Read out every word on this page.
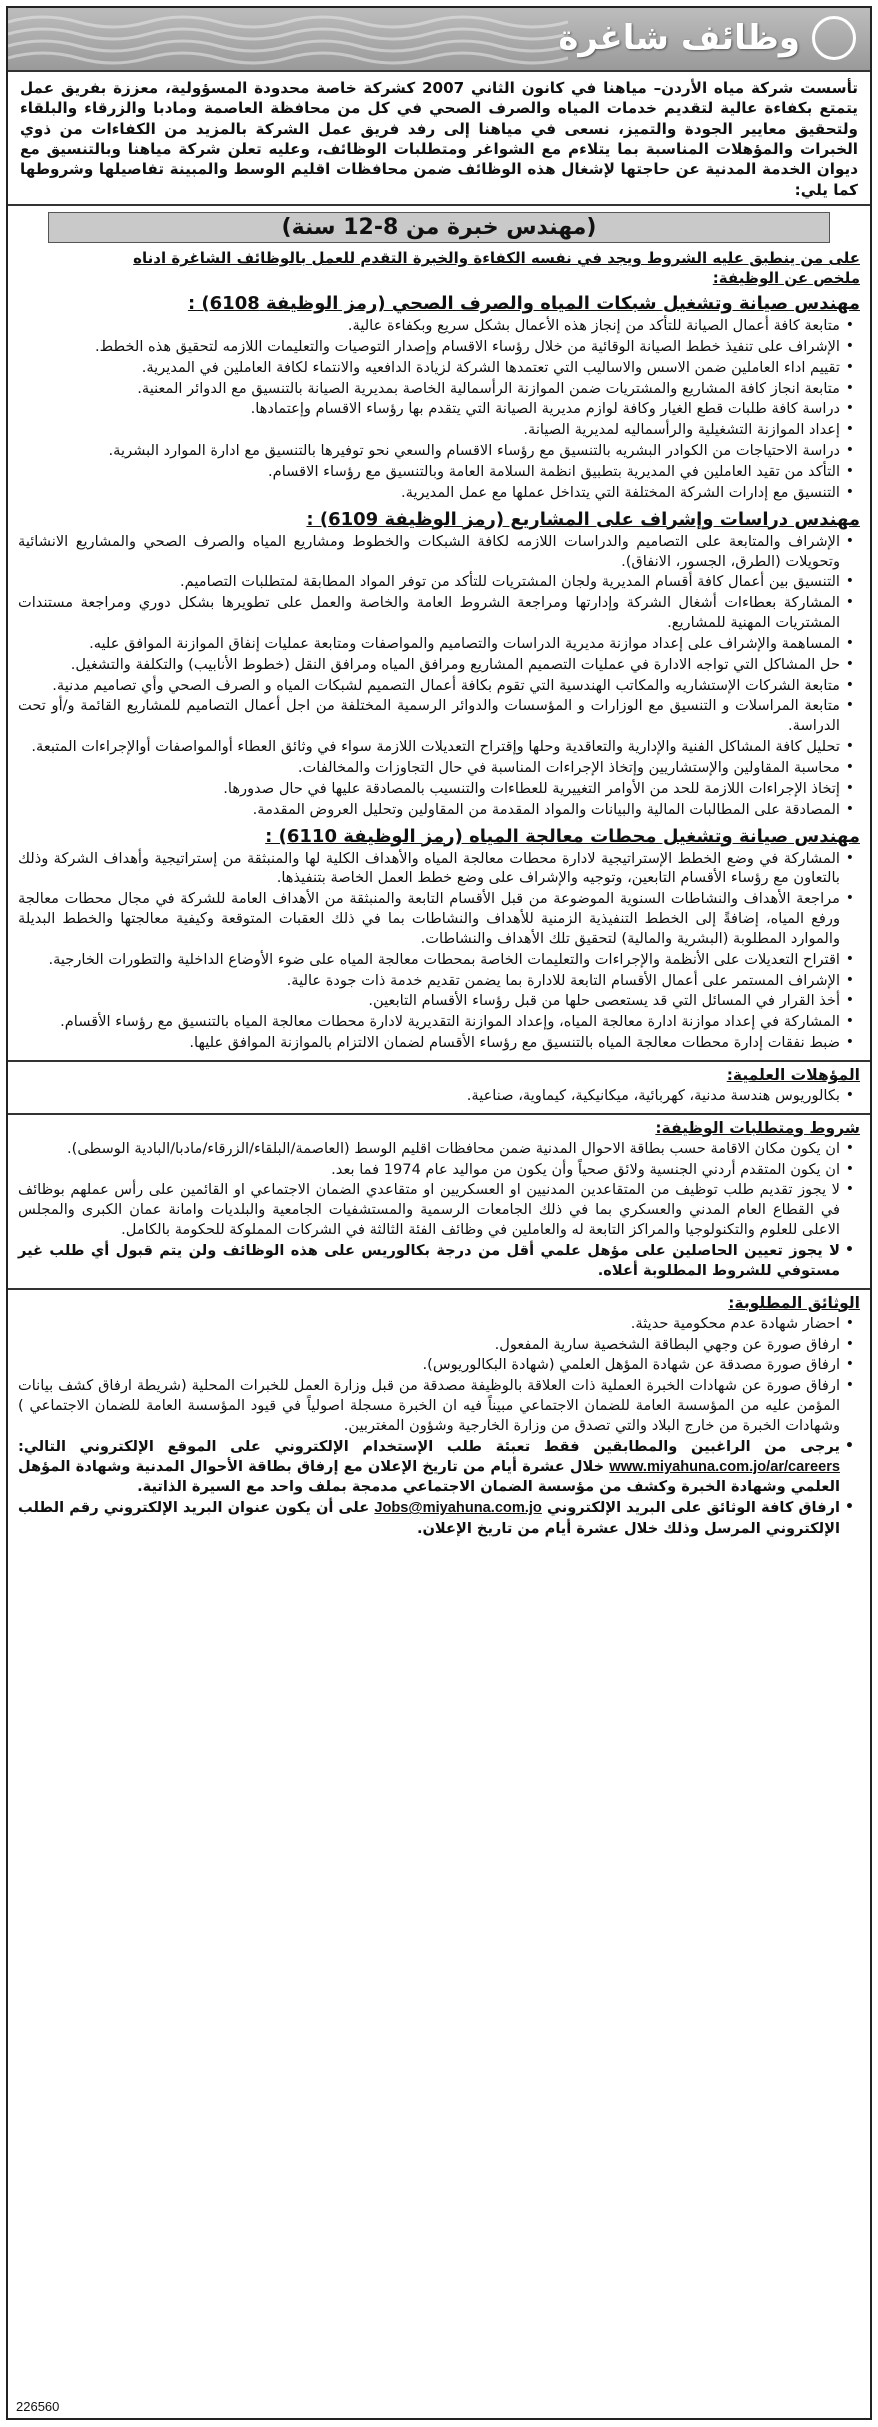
وظائف شاغرة
تأسست شركة مياه الأردن– مياهنا في كانون الثاني 2007 كشركة خاصة محدودة المسؤولية، معززة بفريق عمل يتمتع بكفاءة عالية لتقديم خدمات المياه والصرف الصحي في كل من محافظة العاصمة ومادبا والزرقاء والبلقاء ولتحقيق معايير الجودة والتميز، نسعى في مياهنا إلى رفد فريق عمل الشركة بالمزيد من الكفاءات من ذوي الخبرات والمؤهلات المناسبة بما يتلاءم مع الشواغر ومتطلبات الوظائف، وعليه تعلن شركة مياهنا وبالتنسيق مع ديوان الخدمة المدنية عن حاجتها لإشغال هذه الوظائف ضمن محافظات اقليم الوسط والمبينة تفاصيلها وشروطها كما يلي:
(مهندس خبرة من 8-12 سنة)
على من ينطبق عليه الشروط ويجد في نفسه الكفاءة والخبرة التقدم للعمل بالوظائف الشاغرة ادناه
ملخص عن الوظيفة:
مهندس صيانة وتشغيل شبكات المياه والصرف الصحي (رمز الوظيفة 6108) :
• متابعة كافة أعمال الصيانة للتأكد من إنجاز هذه الأعمال بشكل سريع وبكفاءة عالية.
• الإشراف على تنفيذ خطط الصيانة الوقائية من خلال رؤساء الاقسام وإصدار التوصيات والتعليمات اللازمه لتحقيق هذه الخطط.
• تقييم اداء العاملين ضمن الاسس والاساليب التي تعتمدها الشركة لزيادة الدافعيه والانتماء لكافة العاملين في المديرية.
• متابعة انجاز كافة المشاريع والمشتريات ضمن الموازنة الرأسمالية الخاصة بمديرية الصيانة بالتنسيق مع الدوائر المعنية.
• دراسة كافة طلبات قطع الغيار وكافة لوازم مديرية الصيانة التي يتقدم بها رؤساء الاقسام وإعتمادها.
• إعداد الموازنة التشغيلية والرأسماليه لمديرية الصيانة.
• دراسة الاحتياجات من الكوادر البشريه بالتنسيق مع رؤساء الاقسام والسعي نحو توفيرها بالتنسيق مع ادارة الموارد البشرية.
• التأكد من تقيد العاملين في المديرية بتطبيق انظمة السلامة العامة وبالتنسيق مع رؤساء الاقسام.
• التنسيق مع إدارات الشركة المختلفة التي يتداخل عملها مع عمل المديرية.
مهندس دراسات وإشراف على المشاريع (رمز الوظيفة 6109) :
• الإشراف والمتابعة على التصاميم والدراسات اللازمه لكافة الشبكات والخطوط ومشاريع المياه والصرف الصحي والمشاريع الانشائية وتحويلات (الطرق، الجسور، الانفاق).
• التنسيق بين أعمال كافة أقسام المديرية ولجان المشتريات للتأكد من توفر المواد المطابقة لمتطلبات التصاميم.
• المشاركة بعطاءات أشغال الشركة وإدارتها ومراجعة الشروط العامة والخاصة والعمل على تطويرها بشكل دوري ومراجعة مستندات المشتريات المهنية للمشاريع.
• المساهمة والإشراف على إعداد موازنة مديرية الدراسات والتصاميم والمواصفات ومتابعة عمليات إنفاق الموازنة الموافق عليه.
• حل المشاكل التي تواجه الادارة في عمليات التصميم المشاريع ومرافق المياه ومرافق النقل (خطوط الأنابيب) والتكلفة والتشغيل.
• متابعة الشركات الإستشاريه والمكاتب الهندسية التي تقوم بكافة أعمال التصميم لشبكات المياه و الصرف الصحي وأي تصاميم مدنية.
• متابعة المراسلات و التنسيق مع الوزارات و المؤسسات والدوائر الرسمية المختلفة من اجل أعمال التصاميم للمشاريع القائمة و/أو تحت الدراسة.
• تحليل كافة المشاكل الفنية والإدارية والتعاقدية وحلها وإقتراح التعديلات اللازمة سواء في وثائق العطاء أوالمواصفات أوالإجراءات المتبعة.
• محاسبة المقاولين والإستشاريين وإتخاذ الإجراءات المناسبة في حال التجاوزات والمخالفات.
• إتخاذ الإجراءات اللازمة للحد من الأوامر التغييرية للعطاءات والتنسيب بالمصادقة عليها في حال صدورها.
• المصادقة على المطالبات المالية والبيانات والمواد المقدمة من المقاولين وتحليل العروض المقدمة.
مهندس صيانة وتشغيل محطات معالجة المياه (رمز الوظيفة 6110) :
• المشاركة في وضع الخطط الإستراتيجية لادارة محطات معالجة المياه والأهداف الكلية لها والمنبثقة من إستراتيجية وأهداف الشركة وذلك بالتعاون مع رؤساء الأقسام التابعين، وتوجيه والإشراف على وضع خطط العمل الخاصة بتنفيذها.
• مراجعة الأهداف والنشاطات السنوية الموضوعة من قبل الأقسام التابعة والمنبثقة من الأهداف العامة للشركة في مجال محطات معالجة ورفع المياه، إضافةً إلى الخطط التنفيذية الزمنية للأهداف والنشاطات بما في ذلك العقبات المتوقعة وكيفية معالجتها والخطط البديلة والموارد المطلوبة (البشرية والمالية) لتحقيق تلك الأهداف والنشاطات.
• اقتراح التعديلات على الأنظمة والإجراءات والتعليمات الخاصة بمحطات معالجة المياه على ضوء الأوضاع الداخلية والتطورات الخارجية.
• الإشراف المستمر على أعمال الأقسام التابعة للادارة بما يضمن تقديم خدمة ذات جودة عالية.
• أخذ القرار في المسائل التي قد يستعصى حلها من قبل رؤساء الأقسام التابعين.
• المشاركة في إعداد موازنة ادارة معالجة المياه، وإعداد الموازنة التقديرية لادارة محطات معالجة المياه بالتنسيق مع رؤساء الأقسام.
• ضبط نفقات إدارة محطات معالجة المياه بالتنسيق مع رؤساء الأقسام لضمان الالتزام بالموازنة الموافق عليها.
المؤهلات العلمية:
• بكالوريوس هندسة مدنية، كهربائية، ميكانيكية، كيماوية، صناعية.
شروط ومتطلبات الوظيفة:
• ان يكون مكان الاقامة حسب بطاقة الاحوال المدنية ضمن محافظات اقليم الوسط (العاصمة/البلقاء/الزرقاء/مادبا/البادية الوسطى).
• ان يكون المتقدم أردني الجنسية ولائق صحياً وأن يكون من مواليد عام 1974 فما بعد.
• لا يجوز تقديم طلب توظيف من المتقاعدين المدنيين او العسكريين او متقاعدي الضمان الاجتماعي او القائمين على رأس عملهم بوظائف في القطاع العام المدني والعسكري بما في ذلك الجامعات الرسمية والمستشفيات الجامعية والبلديات وامانة عمان الكبرى والمجلس الاعلى للعلوم والتكنولوجيا والمراكز التابعة له والعاملين في وظائف الفئة الثالثة في الشركات المملوكة للحكومة بالكامل.
• لا يجوز تعيين الحاصلين على مؤهل علمي أقل من درجة بكالوريس على هذه الوظائف ولن يتم قبول أي طلب غير مستوفي للشروط المطلوبة أعلاه.
الوثائق المطلوبة:
• احضار شهادة عدم محكومية حديثة.
• ارفاق صورة عن وجهي البطاقة الشخصية سارية المفعول.
• ارفاق صورة مصدقة عن شهادة المؤهل العلمي (شهادة البكالوريوس).
• ارفاق صورة عن شهادات الخبرة العملية ذات العلاقة بالوظيفة مصدقة من قبل وزارة العمل للخبرات المحلية (شريطة ارفاق كشف بيانات المؤمن عليه من المؤسسة العامة للضمان الاجتماعي مبيناً فيه ان الخبرة مسجلة اصولياً في قيود المؤسسة العامة للضمان الاجتماعي ) وشهادات الخبرة من خارج البلاد والتي تصدق من وزارة الخارجية وشؤون المغتربين.
• يرجى من الراغبين والمطابقين فقط تعبئة طلب الإستخدام الإلكتروني على الموقع الإلكتروني التالي: www.miyahuna.com.jo/ar/careers خلال عشرة أيام من تاريخ الإعلان مع إرفاق بطاقة الأحوال المدنية وشهادة المؤهل العلمي وشهادة الخبرة وكشف من مؤسسة الضمان الاجتماعي مدمجة بملف واحد مع السيرة الذاتية.
• ارفاق كافة الوثائق على البريد الإلكتروني Jobs@miyahuna.com.jo على أن يكون عنوان البريد الإلكتروني رقم الطلب الإلكتروني المرسل وذلك خلال عشرة أيام من تاريخ الإعلان.
226560
